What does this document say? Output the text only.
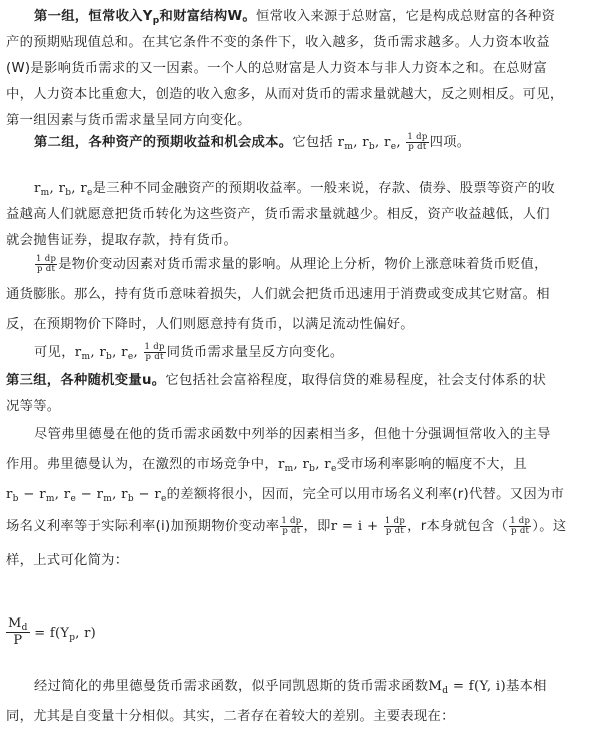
第一组，恒常收入$Y_p$和财富结构W。恒常收入来源于总财富，它是构成总财富的各种资
产的预期贴现值总和。在其它条件不变的条件下，收入越多，货币需求越多。人力资本收益
(W)是影响货币需求的又一因素。一个人的总财富是人力资本与非人力资本之和。在总财富
中，人力资本比重愈大，创造的收入愈多，从而对货币的需求量就越大，反之则相反。可见，
第一组因素与货币需求量呈同方向变化。
第二组，各种资产的预期收益和机会成本。它包括 $r_m$, $r_b$, $r_e$, $\frac{1 dp}{\text{p dt}}$ 四项。
$r_m$, $r_b$, $r_e$是三种不同金融资产的预期收益率。一般来说，存款、债券、股票等资产的收
益越高人们就愿意把货币转化为这些资产，货币需求量就越少。相反，资产收益越低，人们
就会抛售证券，提取存款，持有货币。
$\frac{1 dp}{\text{p dt}}$ 是物价变动因素对货币需求量的影响。从理论上分析，物价上涨意味着货币贬值，
通货膨胀。那么，持有货币意味着损失，人们就会把货币迅速用于消费或变成其它财富。相
反，在预期物价下降时，人们则愿意持有货币，以满足流动性偏好。
可见，$r_m$, $r_b$, $r_e$, $\frac{1 dp}{\text{p dt}}$ 同货币需求量呈反方向变化。
第三组，各种随机变量u。它包括社会富裕程度，取得信贷的难易程度，社会支付体系的状
况等等。
尽管弗里德曼在他的货币需求函数中列举的因素相当多，但他十分强调恒常收入的主导
作用。弗里德曼认为，在激烈的市场竞争中，$r_m$, $r_b$, $r_e$受市场利率影响的幅度不大，且
$r_b - r_m$, $r_e - r_m$, $r_b - r_e$的差额将很小，因而，完全可以用市场名义利率(r)代替。又因为市
场名义利率等于实际利率(i)加预期物价变动率 $\frac{1 dp}{\text{p dt}}$ ，即$r = i + \frac{1 dp}{\text{p dt}}$ ，r本身就包含（ $\frac{1 dp}{\text{p dt}}$ ）。这
样，上式可化简为：
$\frac{M_d}{P} = f(Y_p$, r)
经过简化的弗里德曼货币需求函数，似乎同凯恩斯的货币需求函数$M_d = f(Y$, i)基本相
同，尤其是自变量十分相似。其实，二者存在着较大的差别。主要表现在：
